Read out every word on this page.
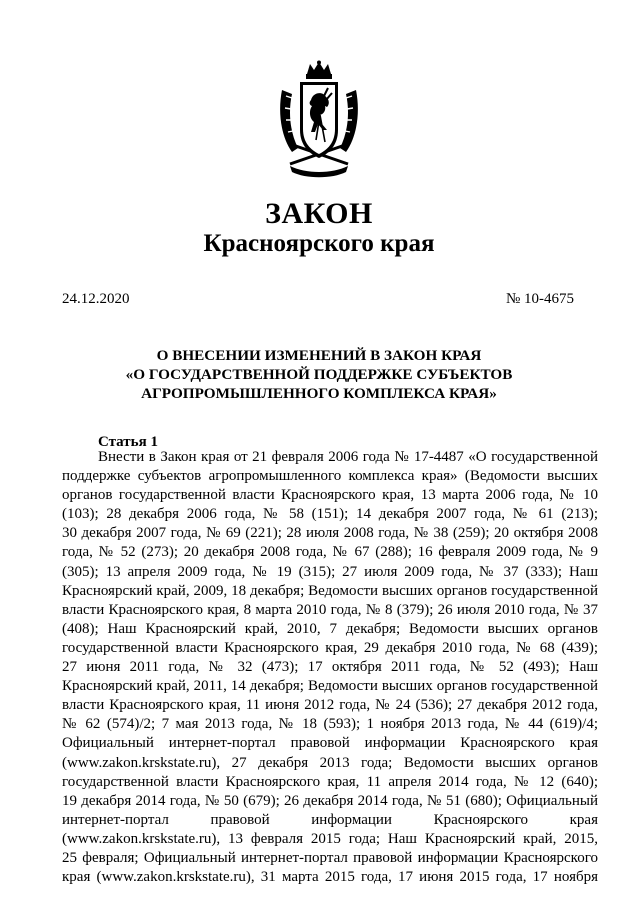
ЗАКОН
Красноярского края
24.12.2020	№ 10-4675
О ВНЕСЕНИИ ИЗМЕНЕНИЙ В ЗАКОН КРАЯ
«О ГОСУДАРСТВЕННОЙ ПОДДЕРЖКЕ СУБЪЕКТОВ
АГРОПРОМЫШЛЕННОГО КОМПЛЕКСА КРАЯ»
Статья 1
Внести в Закон края от 21 февраля 2006 года № 17-4487 «О государственной
поддержке субъектов агропромышленного комплекса края» (Ведомости высших
органов государственной власти Красноярского края, 13 марта 2006 года, № 10
(103); 28 декабря 2006 года, № 58 (151); 14 декабря 2007 года, № 61 (213);
30 декабря 2007 года, № 69 (221); 28 июля 2008 года, № 38 (259); 20 октября 2008
года, № 52 (273); 20 декабря 2008 года, № 67 (288); 16 февраля 2009 года, № 9
(305); 13 апреля 2009 года, № 19 (315); 27 июля 2009 года, № 37 (333); Наш
Красноярский край, 2009, 18 декабря; Ведомости высших органов государственной
власти Красноярского края, 8 марта 2010 года, № 8 (379); 26 июля 2010 года, № 37
(408); Наш Красноярский край, 2010, 7 декабря; Ведомости высших органов
государственной власти Красноярского края, 29 декабря 2010 года, № 68 (439);
27 июня 2011 года, № 32 (473); 17 октября 2011 года, № 52 (493); Наш
Красноярский край, 2011, 14 декабря; Ведомости высших органов государственной
власти Красноярского края, 11 июня 2012 года, № 24 (536); 27 декабря 2012 года,
№ 62 (574)/2; 7 мая 2013 года, № 18 (593); 1 ноября 2013 года, № 44 (619)/4;
Официальный интернет-портал правовой информации Красноярского края
(www.zakon.krskstate.ru), 27 декабря 2013 года; Ведомости высших органов
государственной власти Красноярского края, 11 апреля 2014 года, № 12 (640);
19 декабря 2014 года, № 50 (679); 26 декабря 2014 года, № 51 (680); Официальный
интернет-портал правовой информации Красноярского края
(www.zakon.krskstate.ru), 13 февраля 2015 года; Наш Красноярский край, 2015,
25 февраля; Официальный интернет-портал правовой информации Красноярского
края (www.zakon.krskstate.ru), 31 марта 2015 года, 17 июня 2015 года, 17 ноября
